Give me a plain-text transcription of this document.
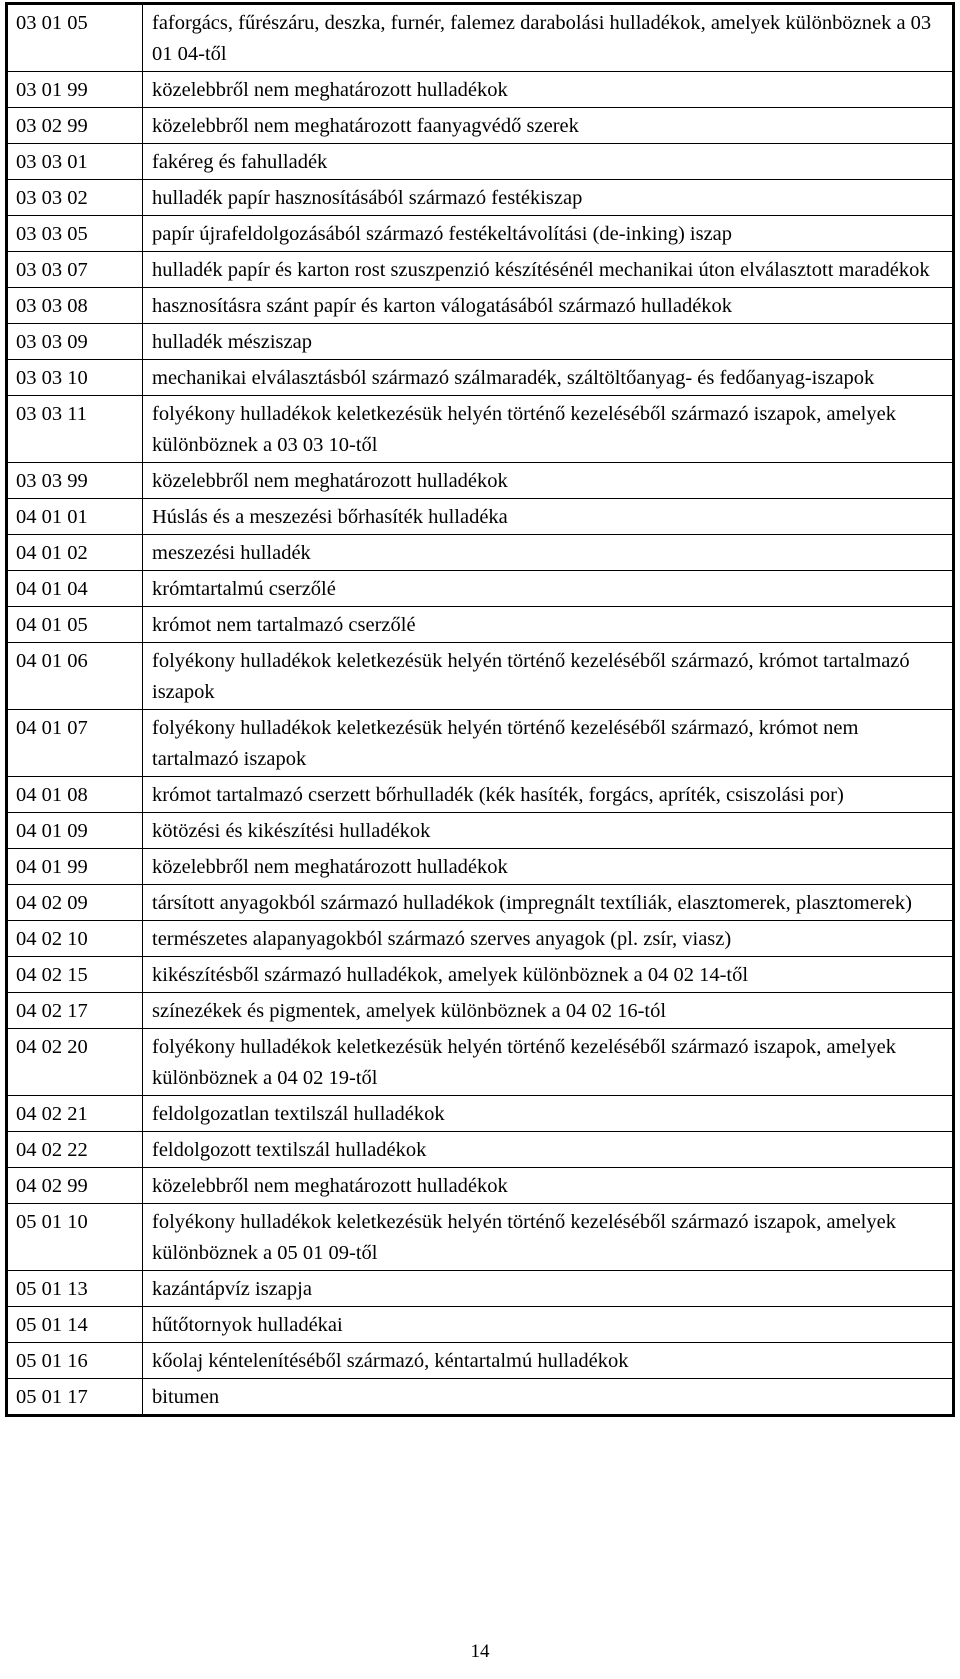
03 01 05	faforgács, fűrészáru, deszka, furnér, falemez darabolási hulladékok, amelyek különböznek a 03 01 04-től
03 01 99	közelebbről nem meghatározott hulladékok
03 02 99	közelebbről nem meghatározott faanyagvédő szerek
03 03 01	fakéreg és fahulladék
03 03 02	hulladék papír hasznosításából származó festékiszap
03 03 05	papír újrafeldolgozásából származó festékeltávolítási (de-inking) iszap
03 03 07	hulladék papír és karton rost szuszpenzió készítésénél mechanikai úton elválasztott maradékok
03 03 08	hasznosításra szánt papír és karton válogatásából származó hulladékok
03 03 09	hulladék mésziszap
03 03 10	mechanikai elválasztásból származó szálmaradék, száltöltőanyag- és fedőanyag-iszapok
03 03 11	folyékony hulladékok keletkezésük helyén történő kezeléséből származó iszapok, amelyek különböznek a 03 03 10-től
03 03 99	közelebbről nem meghatározott hulladékok
04 01 01	Húslás és a meszezési bőrhasíték hulladéka
04 01 02	meszezési hulladék
04 01 04	krómtartalmú cserzőlé
04 01 05	krómot nem tartalmazó cserzőlé
04 01 06	folyékony hulladékok keletkezésük helyén történő kezeléséből származó, krómot tartalmazó iszapok
04 01 07	folyékony hulladékok keletkezésük helyén történő kezeléséből származó, krómot nem tartalmazó iszapok
04 01 08	krómot tartalmazó cserzett bőrhulladék (kék hasíték, forgács, apríték, csiszolási por)
04 01 09	kötözési és kikészítési hulladékok
04 01 99	közelebbről nem meghatározott hulladékok
04 02 09	társított anyagokból származó hulladékok (impregnált textíliák, elasztomerek, plasztomerek)
04 02 10	természetes alapanyagokból származó szerves anyagok (pl. zsír, viasz)
04 02 15	kikészítésből származó hulladékok, amelyek különböznek a 04 02 14-től
04 02 17	színezékek és pigmentek, amelyek különböznek a 04 02 16-tól
04 02 20	folyékony hulladékok keletkezésük helyén történő kezeléséből származó iszapok, amelyek különböznek a 04 02 19-től
04 02 21	feldolgozatlan textilszál hulladékok
04 02 22	feldolgozott textilszál hulladékok
04 02 99	közelebbről nem meghatározott hulladékok
05 01 10	folyékony hulladékok keletkezésük helyén történő kezeléséből származó iszapok, amelyek különböznek a 05 01 09-től
05 01 13	kazántápvíz iszapja
05 01 14	hűtőtornyok hulladékai
05 01 16	kőolaj kéntelenítéséből származó, kéntartalmú hulladékok
05 01 17	bitumen
14
